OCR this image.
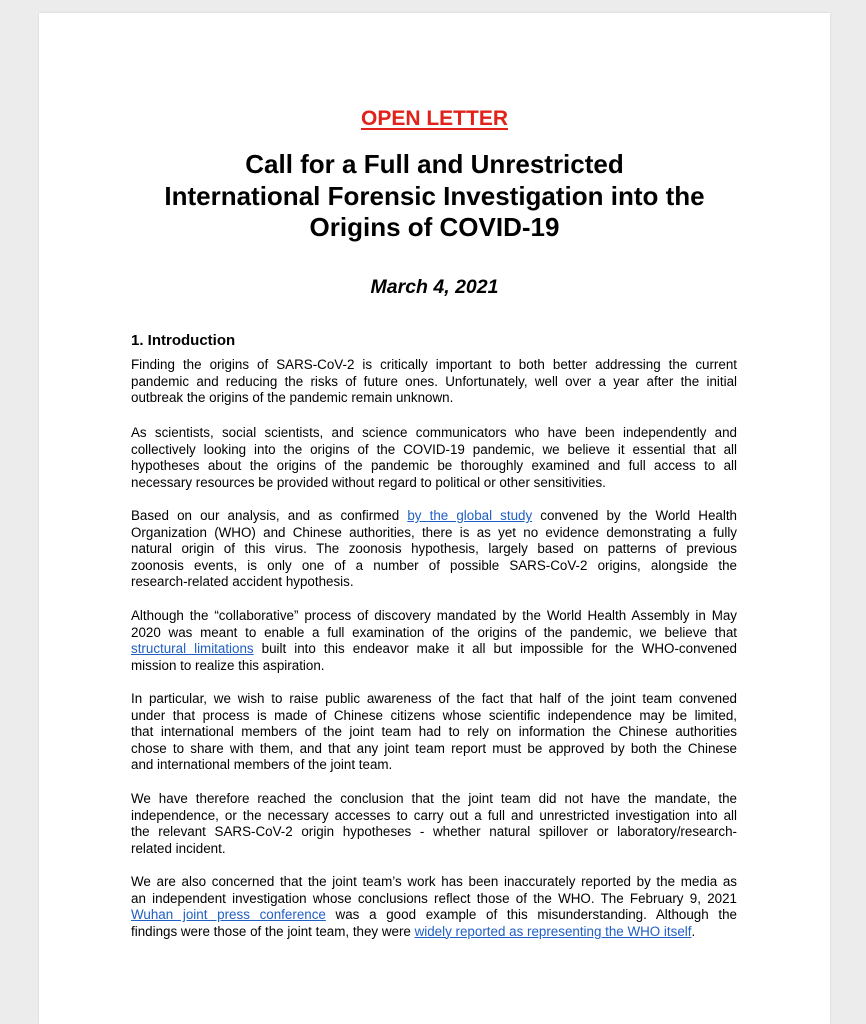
OPEN LETTER
Call for a Full and Unrestricted
International Forensic Investigation into the
Origins of COVID-19
March 4, 2021
1. Introduction

Finding the origins of SARS-CoV-2 is critically important to both better addressing the current
pandemic and reducing the risks of future ones. Unfortunately, well over a year after the initial
outbreak the origins of the pandemic remain unknown.

As scientists, social scientists, and science communicators who have been independently and
collectively looking into the origins of the COVID-19 pandemic, we believe it essential that all
hypotheses about the origins of the pandemic be thoroughly examined and full access to all
necessary resources be provided without regard to political or other sensitivities.

Based on our analysis, and as confirmed by the global study convened by the World Health
Organization (WHO) and Chinese authorities, there is as yet no evidence demonstrating a fully
natural origin of this virus. The zoonosis hypothesis, largely based on patterns of previous
zoonosis events, is only one of a number of possible SARS-CoV-2 origins, alongside the
research-related accident hypothesis.

Although the “collaborative” process of discovery mandated by the World Health Assembly in May
2020 was meant to enable a full examination of the origins of the pandemic, we believe that
structural limitations built into this endeavor make it all but impossible for the WHO-convened
mission to realize this aspiration.

In particular, we wish to raise public awareness of the fact that half of the joint team convened
under that process is made of Chinese citizens whose scientific independence may be limited,
that international members of the joint team had to rely on information the Chinese authorities
chose to share with them, and that any joint team report must be approved by both the Chinese
and international members of the joint team.

We have therefore reached the conclusion that the joint team did not have the mandate, the
independence, or the necessary accesses to carry out a full and unrestricted investigation into all
the relevant SARS-CoV-2 origin hypotheses - whether natural spillover or laboratory/research-
related incident.

We are also concerned that the joint team’s work has been inaccurately reported by the media as
an independent investigation whose conclusions reflect those of the WHO. The February 9, 2021
Wuhan joint press conference was a good example of this misunderstanding. Although the
findings were those of the joint team, they were widely reported as representing the WHO itself.
